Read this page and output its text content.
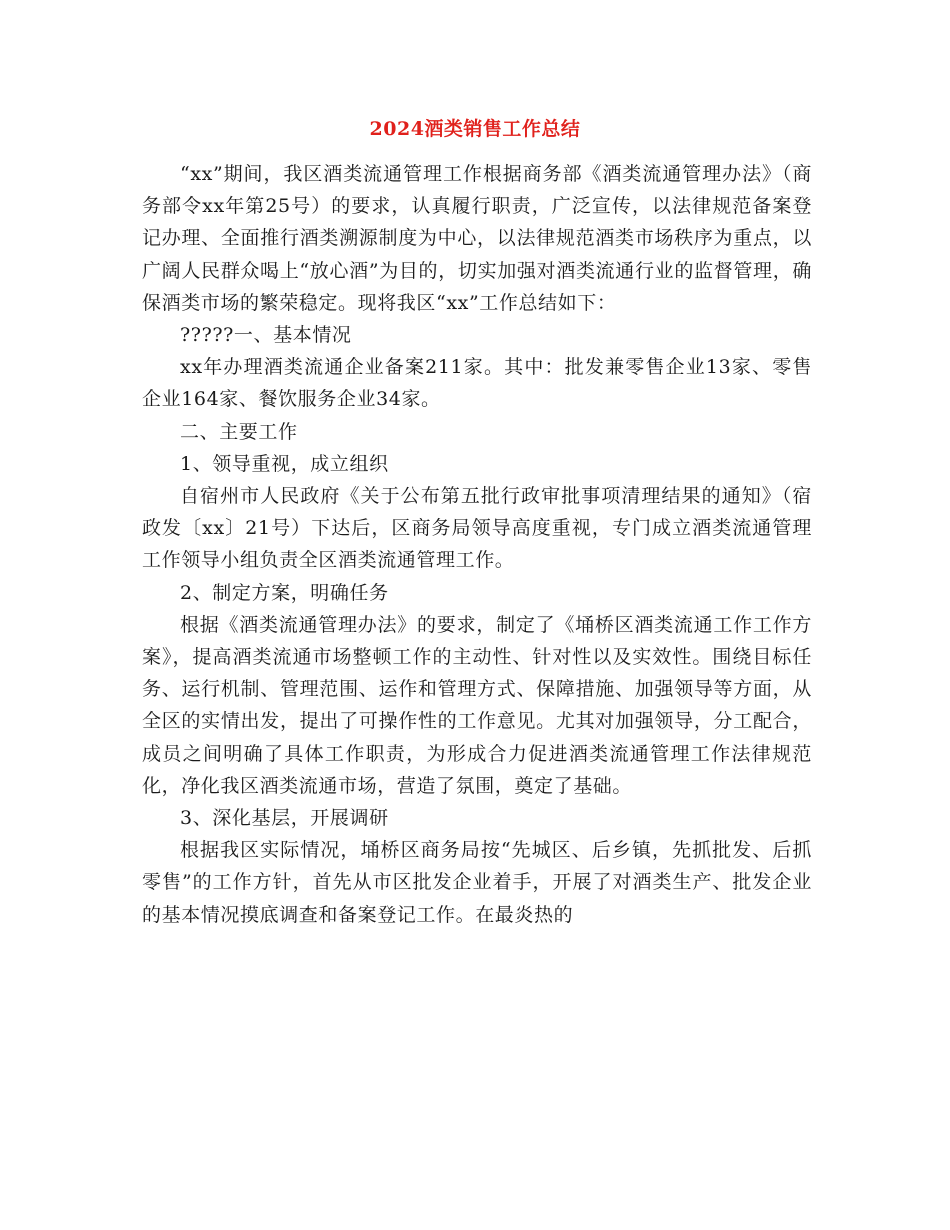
2024酒类销售工作总结

“xx”期间，我区酒类流通管理工作根据商务部《酒类流通管理办法》（商务部令xx年第25号）的要求，认真履行职责，广泛宣传，以法律规范备案登记办理、全面推行酒类溯源制度为中心，以法律规范酒类市场秩序为重点，以广阔人民群众喝上“放心酒”为目的，切实加强对酒类流通行业的监督管理，确保酒类市场的繁荣稳定。现将我区“xx”工作总结如下：

?????一、基本情况

xx年办理酒类流通企业备案211家。其中：批发兼零售企业13家、零售企业164家、餐饮服务企业34家。

二、主要工作

1、领导重视，成立组织

自宿州市人民政府《关于公布第五批行政审批事项清理结果的通知》（宿政发〔xx〕21号）下达后，区商务局领导高度重视，专门成立酒类流通管理工作领导小组负责全区酒类流通管理工作。

2、制定方案，明确任务

根据《酒类流通管理办法》的要求，制定了《埇桥区酒类流通工作工作方案》，提高酒类流通市场整顿工作的主动性、针对性以及实效性。围绕目标任务、运行机制、管理范围、运作和管理方式、保障措施、加强领导等方面，从全区的实情出发，提出了可操作性的工作意见。尤其对加强领导，分工配合，成员之间明确了具体工作职责，为形成合力促进酒类流通管理工作法律规范化，净化我区酒类流通市场，营造了氛围，奠定了基础。

3、深化基层，开展调研

根据我区实际情况，埇桥区商务局按“先城区、后乡镇，先抓批发、后抓零售”的工作方针，首先从市区批发企业着手，开展了对酒类生产、批发企业的基本情况摸底调查和备案登记工作。在最炎热的
